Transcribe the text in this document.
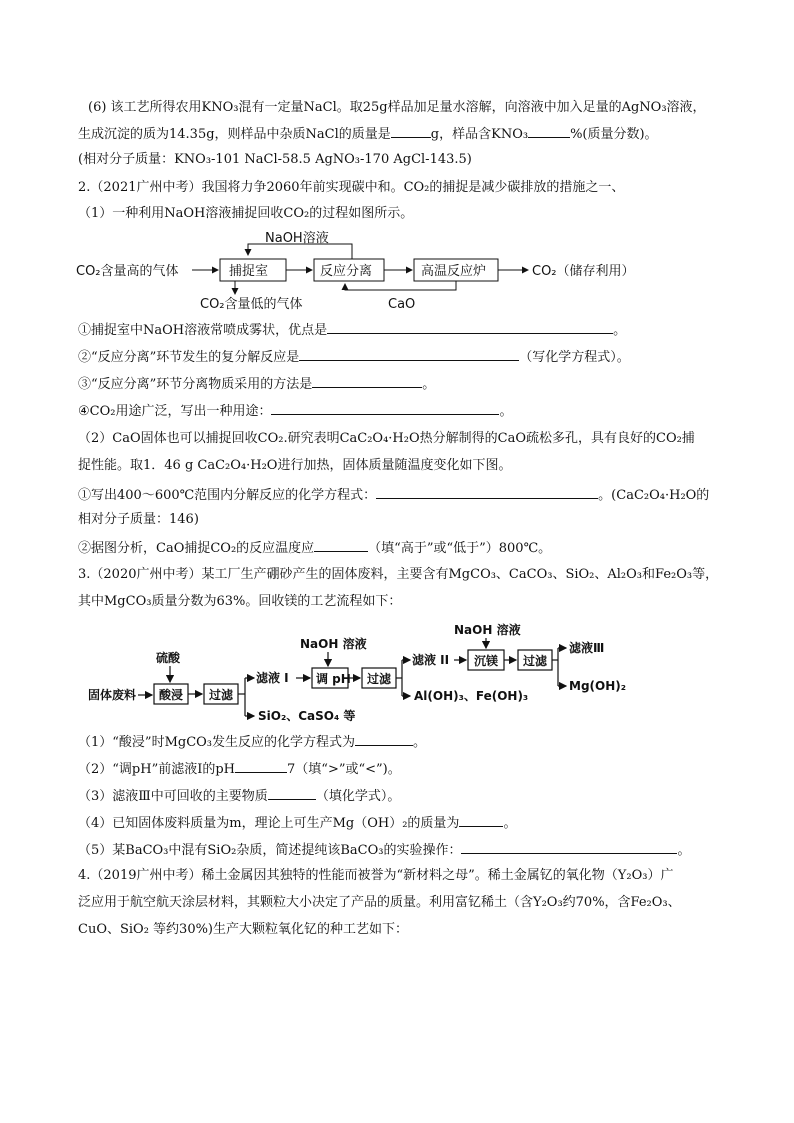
(6) 该工艺所得农用KNO₃混有一定量NaCl。取25g样品加足量水溶解，向溶液中加入足量的AgNO₃溶液，
生成沉淀的质为14.35g，则样品中杂质NaCl的质量是	g，样品含KNO₃	%(质量分数)。
(相对分子质量：KNO₃-101 NaCl-58.5 AgNO₃-170 AgCl-143.5)
2.（2021广州中考）我国将力争2060年前实现碳中和。CO₂的捕捉是减少碳排放的措施之一、
（1）一种利用NaOH溶液捕捉回收CO₂的过程如图所示。
NaOH溶液
CO₂含量高的气体	捕捉室	反应分离	高温反应炉	CO₂（储存利用）
CO₂含量低的气体	CaO
①捕捉室中NaOH溶液常喷成雾状，优点是	。
②“反应分离”环节发生的复分解反应是	（写化学方程式）。
③“反应分离”环节分离物质采用的方法是	。
④CO₂用途广泛，写出一种用途：	。
（2）CaO固体也可以捕捉回收CO₂.研究表明CaC₂O₄·H₂O热分解制得的CaO疏松多孔，具有良好的CO₂捕
捉性能。取1．46 g CaC₂O₄·H₂O进行加热，固体质量随温度变化如下图。
①写出400～600℃范围内分解反应的化学方程式：	。(CaC₂O₄·H₂O的
相对分子质量：146)
②据图分析，CaO捕捉CO₂的反应温度应	（填“高于”或“低于”）800℃。
3.（2020广州中考）某工厂生产硼砂产生的固体废料，主要含有MgCO₃、CaCO₃、SiO₂、Al₂O₃和Fe₂O₃等，
其中MgCO₃质量分数为63%。回收镁的工艺流程如下：
硫酸
固体废料 酸浸 过滤
滤液 I
SiO₂、CaSO₄ 等
NaOH 溶液
调 pH 过滤
滤液 II
Al(OH)₃、Fe(OH)₃
NaOH 溶液
沉镁 过滤
滤液Ⅲ
Mg(OH)₂
（1）“酸浸”时MgCO₃发生反应的化学方程式为	。
（2）“调pH”前滤液Ⅰ的pH	7（填“>”或“<”)。
（3）滤液Ⅲ中可回收的主要物质	（填化学式）。
（4）已知固体废料质量为m，理论上可生产Mg（OH）₂的质量为	。
（5）某BaCO₃中混有SiO₂杂质，简述提纯该BaCO₃的实验操作：	。
4.（2019广州中考）稀土金属因其独特的性能而被誉为“新材料之母”。稀土金属钇的氧化物（Y₂O₃）广
泛应用于航空航天涂层材料，其颗粒大小决定了产品的质量。利用富钇稀土（含Y₂O₃约70%，含Fe₂O₃、
CuO、SiO₂ 等约30%)生产大颗粒氧化钇的种工艺如下：
